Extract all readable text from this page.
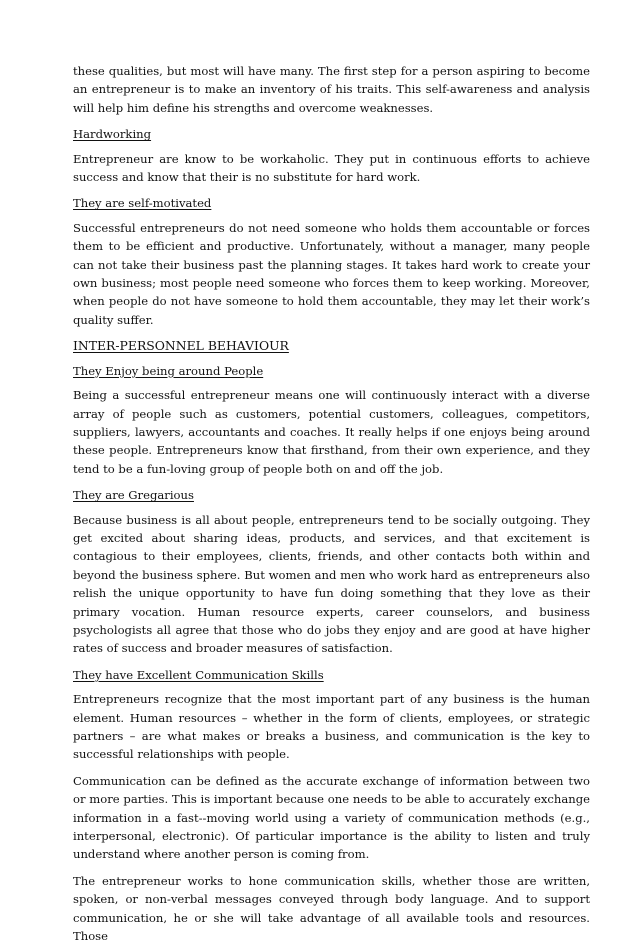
these qualities, but most will have many. The first step for a person aspiring to become an entrepreneur is to make an inventory of his traits. This self-awareness and analysis will help him define his strengths and overcome weaknesses.

Hardworking

Entrepreneur are know to be workaholic. They put in continuous efforts to achieve success and know that their is no substitute for hard work.

They are self-motivated

Successful entrepreneurs do not need someone who holds them accountable or forces them to be efficient and productive. Unfortunately, without a manager, many people can not take their business past the planning stages. It takes hard work to create your own business; most people need someone who forces them to keep working. Moreover, when people do not have someone to hold them accountable, they may let their work’s quality suffer.

INTER-PERSONNEL BEHAVIOUR
They Enjoy being around People

Being a successful entrepreneur means one will continuously interact with a diverse array of people such as customers, potential customers, colleagues, competitors, suppliers, lawyers, accountants and coaches. It really helps if one enjoys being around these people. Entrepreneurs know that firsthand, from their own experience, and they tend to be a fun-loving group of people both on and off the job.

They are Gregarious

Because business is all about people, entrepreneurs tend to be socially outgoing. They get excited about sharing ideas, products, and services, and that excitement is contagious to their employees, clients, friends, and other contacts both within and beyond the business sphere. But women and men who work hard as entrepreneurs also relish the unique opportunity to have fun doing something that they love as their primary vocation. Human resource experts, career counselors, and business psychologists all agree that those who do jobs they enjoy and are good at have higher rates of success and broader measures of satisfaction.

They have Excellent Communication Skills

Entrepreneurs recognize that the most important part of any business is the human element. Human resources – whether in the form of clients, employees, or strategic partners – are what makes or breaks a business, and communication is the key to successful relationships with people.

Communication can be defined as the accurate exchange of information between two or more parties. This is important because one needs to be able to accurately exchange information in a fast--moving world using a variety of communication methods (e.g., interpersonal, electronic). Of particular importance is the ability to listen and truly understand where another person is coming from.

The entrepreneur works to hone communication skills, whether those are written, spoken, or non-verbal messages conveyed through body language. And to support communication, he or she will take advantage of all available tools and resources. Those
